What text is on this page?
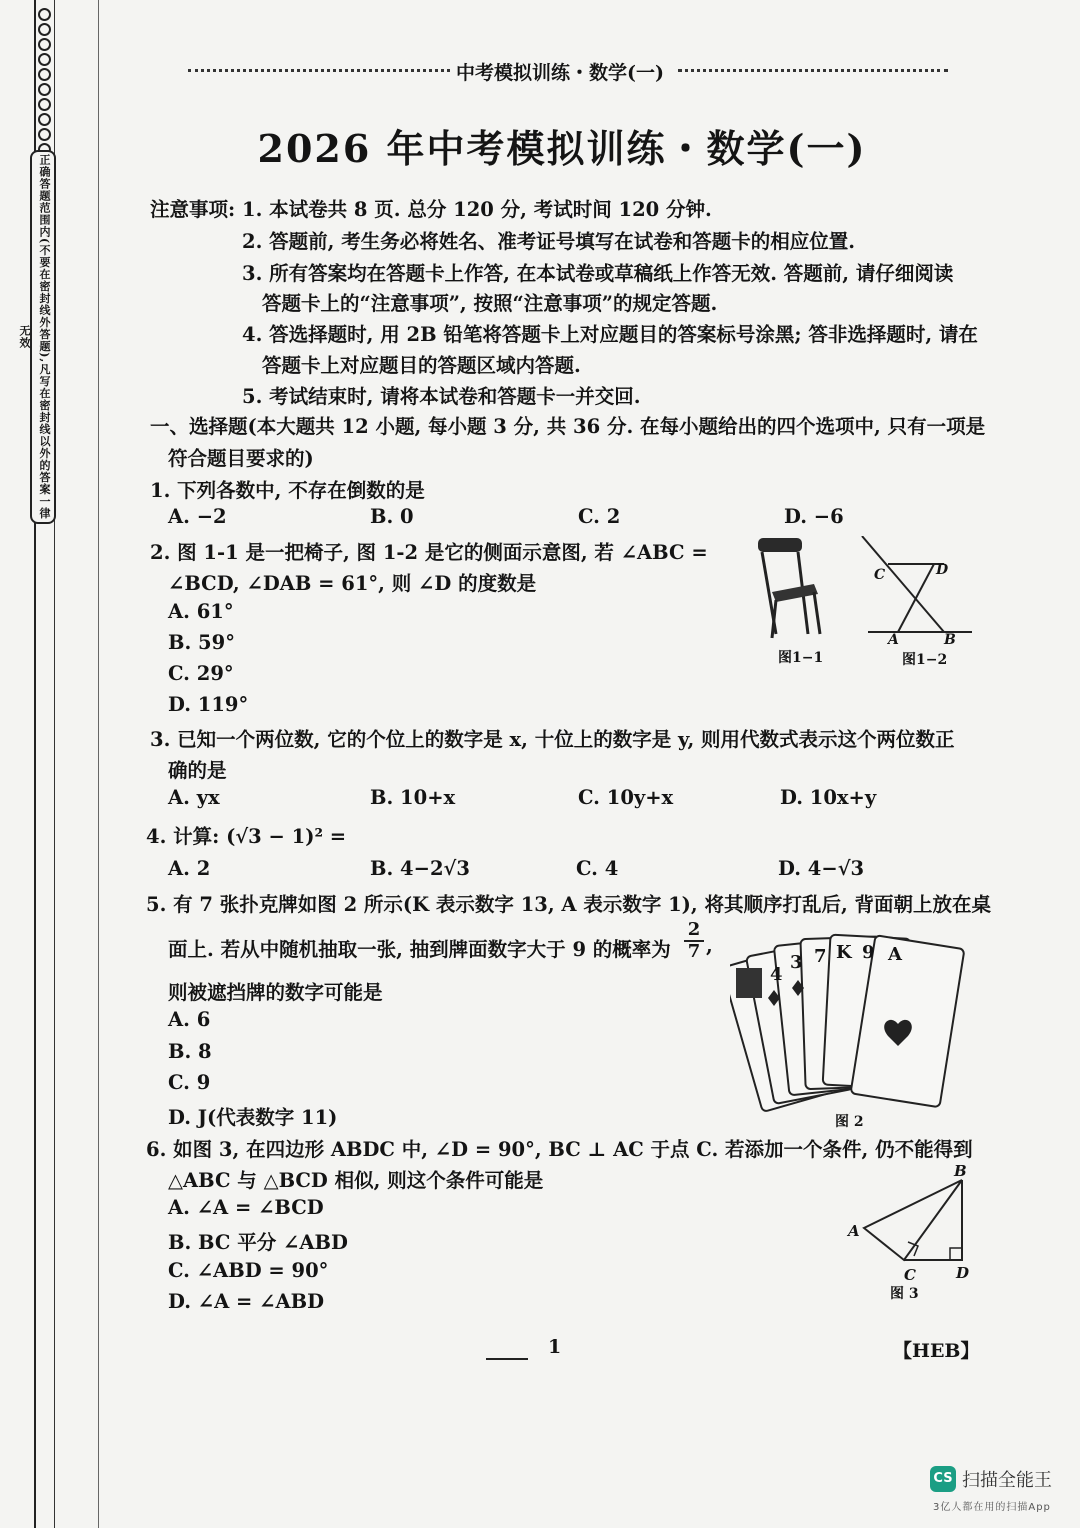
正确答题范围内(不要在密封线外答题),凡写在密封线以外的答案一律无效
中考模拟训练・数学(一)
2026 年中考模拟训练・数学(一)
注意事项: 1. 本试卷共 8 页. 总分 120 分, 考试时间 120 分钟.
2. 答题前, 考生务必将姓名、准考证号填写在试卷和答题卡的相应位置.
3. 所有答案均在答题卡上作答, 在本试卷或草稿纸上作答无效. 答题前, 请仔细阅读
答题卡上的“注意事项”, 按照“注意事项”的规定答题.
4. 答选择题时, 用 2B 铅笔将答题卡上对应题目的答案标号涂黑; 答非选择题时, 请在
答题卡上对应题目的答题区域内答题.
5. 考试结束时, 请将本试卷和答题卡一并交回.
一、选择题(本大题共 12 小题, 每小题 3 分, 共 36 分. 在每小题给出的四个选项中, 只有一项是
符合题目要求的)
1. 下列各数中, 不存在倒数的是
A. −2	B. 0	C. 2	D. −6
2. 图 1-1 是一把椅子, 图 1-2 是它的侧面示意图, 若 ∠ABC =
∠BCD, ∠DAB = 61°, 则 ∠D 的度数是
A. 61°
B. 59°
C. 29°
D. 119°
图1−1
C	D
A	B
图1−2
3. 已知一个两位数, 它的个位上的数字是 x, 十位上的数字是 y, 则用代数式表示这个两位数正
确的是
A. yx	B. 10+x	C. 10y+x	D. 10x+y
4. 计算: (√3 − 1)² =
A. 2	B. 4−2√3	C. 4	D. 4−√3
5. 有 7 张扑克牌如图 2 所示(K 表示数字 13, A 表示数字 1), 将其顺序打乱后, 背面朝上放在桌
面上. 若从中随机抽取一张, 抽到牌面数字大于 9 的概率为
2
7 ,
则被遮挡牌的数字可能是
A. 6
B. 8
C. 9
D. J(代表数字 11)
4
3 7 K 9 A
图 2
6. 如图 3, 在四边形 ABDC 中, ∠D = 90°, BC ⊥ AC 于点 C. 若添加一个条件, 仍不能得到
△ABC 与 △BCD 相似, 则这个条件可能是
A. ∠A = ∠BCD
B. BC 平分 ∠ABD
C. ∠ABD = 90°
D. ∠A = ∠ABD
B
A
C	D
图 3
1	【HEB】
CS 扫描全能王
3亿人都在用的扫描App
